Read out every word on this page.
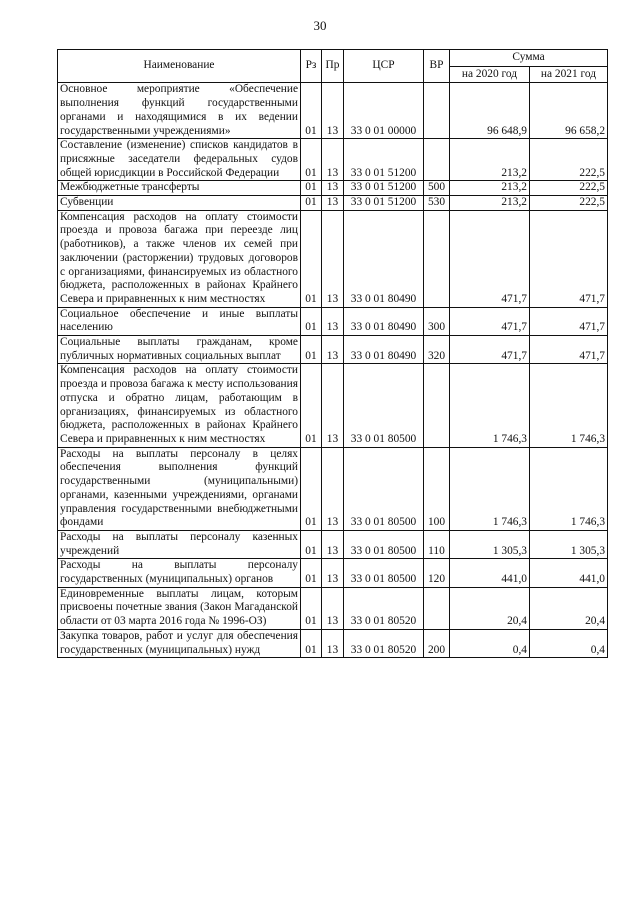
30
Наименование	Рз	Пр	ЦСР	ВР	Сумма	
					на 2020 год	на 2021 год
Основное мероприятие «Обеспечение выполнения функций государственными органами и находящимися в их ведении государственными учреждениями»	01	13	33 0 01 00000		96 648,9	96 658,2
Составление (изменение) списков кандидатов в присяжные заседатели федеральных судов общей юрисдикции в Российской Федерации	01	13	33 0 01 51200		213,2	222,5
Межбюджетные трансферты	01	13	33 0 01 51200	500	213,2	222,5
Субвенции	01	13	33 0 01 51200	530	213,2	222,5
Компенсация расходов на оплату стоимости проезда и провоза багажа при переезде лиц (работников), а также членов их семей при заключении (расторжении) трудовых договоров с организациями, финансируемых из областного бюджета, расположенных в районах Крайнего Севера и приравненных к ним местностях	01	13	33 0 01 80490		471,7	471,7
Социальное обеспечение и иные выплаты населению	01	13	33 0 01 80490	300	471,7	471,7
Социальные выплаты гражданам, кроме публичных нормативных социальных выплат	01	13	33 0 01 80490	320	471,7	471,7
Компенсация расходов на оплату стоимости проезда и провоза багажа к месту использования отпуска и обратно лицам, работающим в организациях, финансируемых из областного бюджета, расположенных в районах Крайнего Севера и приравненных к ним местностях	01	13	33 0 01 80500		1 746,3	1 746,3
Расходы на выплаты персоналу в целях обеспечения выполнения функций государственными (муниципальными) органами, казенными учреждениями, органами управления государственными внебюджетными фондами	01	13	33 0 01 80500	100	1 746,3	1 746,3
Расходы на выплаты персоналу казенных учреждений	01	13	33 0 01 80500	110	1 305,3	1 305,3
Расходы на выплаты персоналу государственных (муниципальных) органов	01	13	33 0 01 80500	120	441,0	441,0
Единовременные выплаты лицам, которым присвоены почетные звания (Закон Магаданской области от 03 марта 2016 года № 1996-ОЗ)	01	13	33 0 01 80520		20,4	20,4
Закупка товаров, работ и услуг для обеспечения государственных (муниципальных) нужд	01	13	33 0 01 80520	200	0,4	0,4
